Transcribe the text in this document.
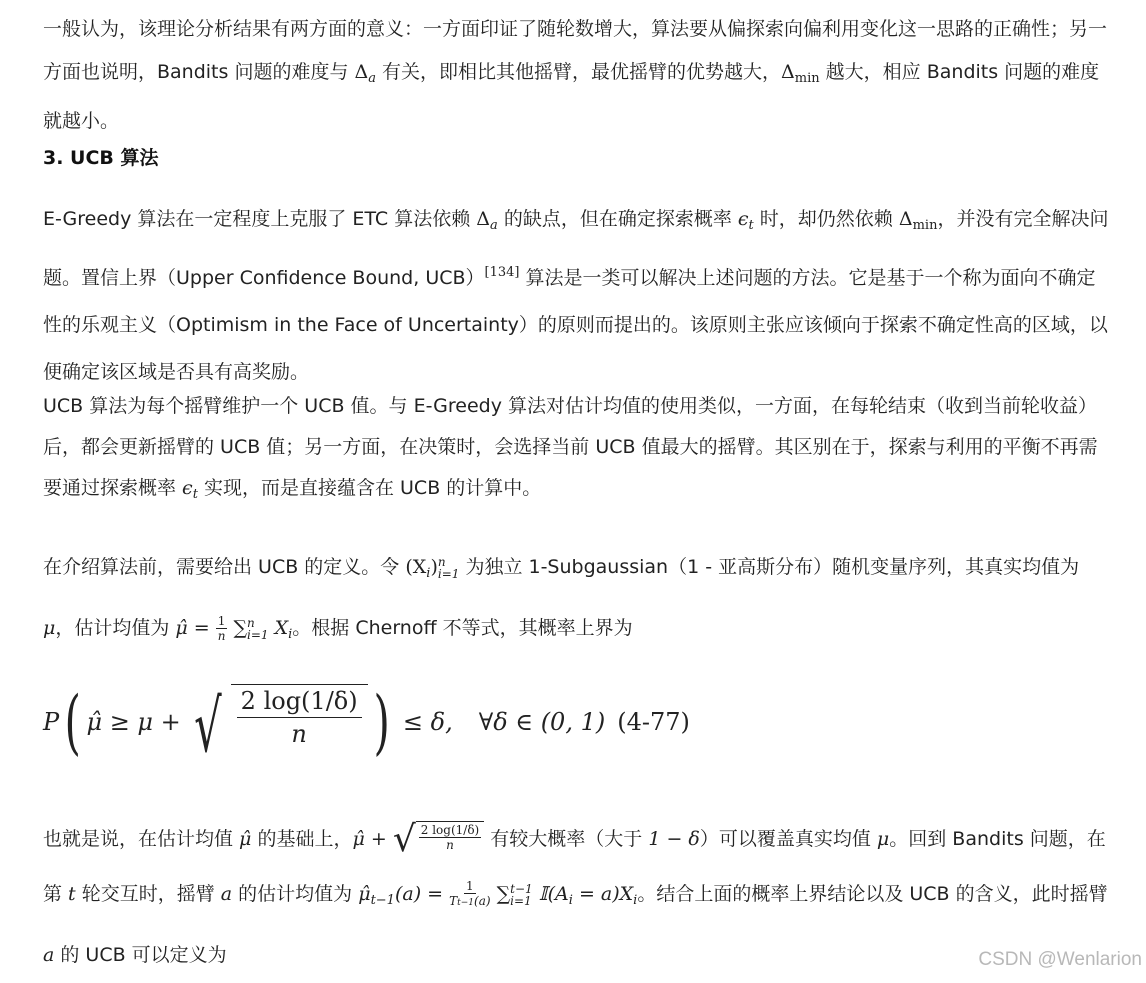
一般认为，该理论分析结果有两方面的意义：一方面印证了随轮数增大，算法要从偏探索向偏利用变化这一思路的正确性；另一方面也说明，Bandits 问题的难度与 $\Delta_a$ 有关，即相比其他摇臂，最优摇臂的优势越大，$\Delta_{min}$ 越大，相应 Bandits 问题的难度就越小。

3. UCB 算法

E-Greedy 算法在一定程度上克服了 ETC 算法依赖 $\Delta_a$ 的缺点，但在确定探索概率 $\epsilon_t$ 时，却仍然依赖 $\Delta_{min}$，并没有完全解决问题。置信上界（Upper Confidence Bound, UCB）[134] 算法是一类可以解决上述问题的方法。它是基于一个称为面向不确定性的乐观主义（Optimism in the Face of Uncertainty）的原则而提出的。该原则主张应该倾向于探索不确定性高的区域，以便确定该区域是否具有高奖励。

UCB 算法为每个摇臂维护一个 UCB 值。与 E-Greedy 算法对估计均值的使用类似，一方面，在每轮结束（收到当前轮收益）后，都会更新摇臂的 UCB 值；另一方面，在决策时，会选择当前 UCB 值最大的摇臂。其区别在于，探索与利用的平衡不再需要通过探索概率 $\epsilon_t$ 实现，而是直接蕴含在 UCB 的计算中。

在介绍算法前，需要给出 UCB 的定义。令 $(X_i)$ n
i=1 为独立 1-Subgaussian（1 - 亚高斯分布）随机变量序列，其真实均值为 μ，估计均值为 μ̂ = $\frac{1}{n}$ ∑ n
i=1 $X_i$。根据 Chernoff 不等式，其概率上界为

P ( μ̂ ≥ μ + √ $\frac{2 \log(1/\delta)}{n}$ ) ≤ δ, ∀δ ∈ (0, 1) (4-77)

也就是说，在估计均值 μ̂ 的基础上，μ̂ + √ $\frac{2 \log(1/\delta)}{n}$ 有较大概率（大于 1 − δ）可以覆盖真实均值 μ。回到 Bandits 问题，在第 t 轮交互时，摇臂 a 的估计均值为 $\mû_{t-1}(a) = \frac{1}{Tt-1(a)}$ ∑ t−1
i=1 $𝕀(A_i = a)X_i$。结合上面的概率上界结论以及 UCB 的含义，此时摇臂 a 的 UCB 可以定义为	CSDN @Wenlarion
